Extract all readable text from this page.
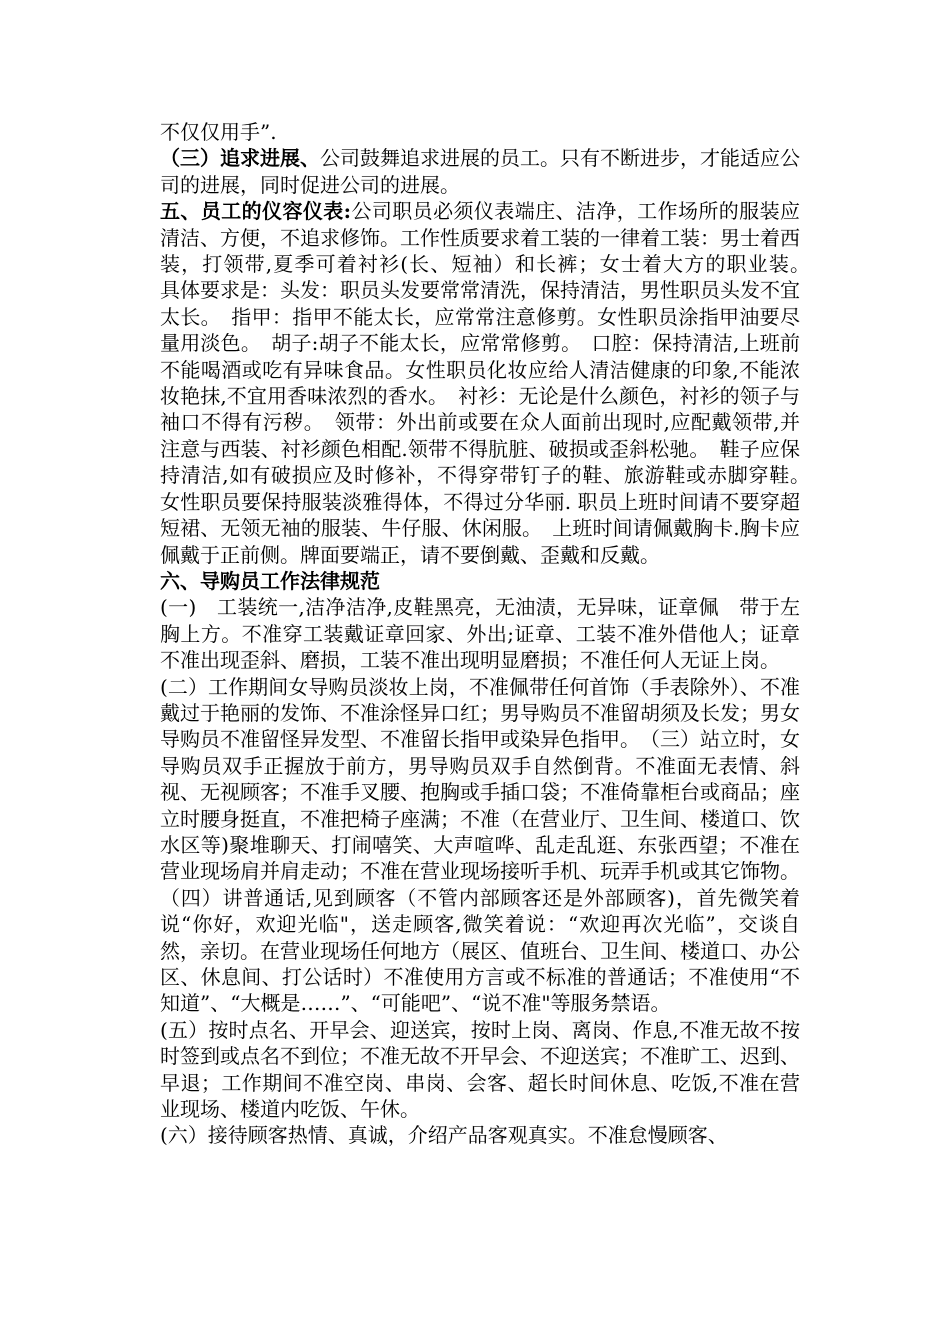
不仅仅用手”.

（三）追求进展、公司鼓舞追求进展的员工。只有不断进步，才能适应公司的进展，同时促进公司的进展。

五、员工的仪容仪表:公司职员必须仪表端庄、洁净，工作场所的服装应清洁、方便，不追求修饰。工作性质要求着工装的一律着工装：男士着西装，打领带,夏季可着衬衫(长、短袖）和长裤；女士着大方的职业装。　具体要求是：头发：职员头发要常常清洗，保持清洁，男性职员头发不宜太长。　指甲：指甲不能太长，应常常注意修剪。女性职员涂指甲油要尽量用淡色。　胡子:胡子不能太长，应常常修剪。　口腔：保持清洁,上班前不能喝酒或吃有异味食品。女性职员化妆应给人清洁健康的印象,不能浓妆艳抹,不宜用香味浓烈的香水。　衬衫：无论是什么颜色，衬衫的领子与袖口不得有污秽。　领带：外出前或要在众人面前出现时,应配戴领带,并注意与西装、衬衫颜色相配.领带不得肮脏、破损或歪斜松驰。　鞋子应保持清洁,如有破损应及时修补，不得穿带钉子的鞋、旅游鞋或赤脚穿鞋。　女性职员要保持服装淡雅得体，不得过分华丽. 职员上班时间请不要穿超短裙、无领无袖的服装、牛仔服、休闲服。　上班时间请佩戴胸卡.胸卡应佩戴于正前侧。牌面要端正，请不要倒戴、歪戴和反戴。

六、导购员工作法律规范

(一)　工装统一,洁净洁净,皮鞋黑亮，无油渍，无异味，证章佩　带于左胸上方。不准穿工装戴证章回家、外出;证章、工装不准外借他人；证章不准出现歪斜、磨损，工装不准出现明显磨损；不准任何人无证上岗。

(二）工作期间女导购员淡妆上岗，不准佩带任何首饰（手表除外）、不准戴过于艳丽的发饰、不准涂怪异口红；男导购员不准留胡须及长发；男女导购员不准留怪异发型、不准留长指甲或染异色指甲。　（三）站立时，女导购员双手正握放于前方，男导购员双手自然倒背。不准面无表情、斜视、无视顾客；不准手叉腰、抱胸或手插口袋；不准倚靠柜台或商品；座立时腰身挺直，不准把椅子座满；不准（在营业厅、卫生间、楼道口、饮水区等)聚堆聊天、打闹嘻笑、大声喧哗、乱走乱逛、东张西望；不准在营业现场肩并肩走动；不准在营业现场接听手机、玩弄手机或其它饰物。

（四）讲普通话,见到顾客（不管内部顾客还是外部顾客)，首先微笑着说“你好，欢迎光临"，送走顾客,微笑着说：“欢迎再次光临”，交谈自然，亲切。在营业现场任何地方（展区、值班台、卫生间、楼道口、办公区、休息间、打公话时）不准使用方言或不标准的普通话；不准使用“不知道”、“大概是……”、“可能吧”、“说不准"等服务禁语。

(五）按时点名、开早会、迎送宾，按时上岗、离岗、作息,不准无故不按时签到或点名不到位；不准无故不开早会、不迎送宾；不准旷工、迟到、早退；工作期间不准空岗、串岗、会客、超长时间休息、吃饭,不准在营业现场、楼道内吃饭、午休。

(六）接待顾客热情、真诚，介绍产品客观真实。不准怠慢顾客、
